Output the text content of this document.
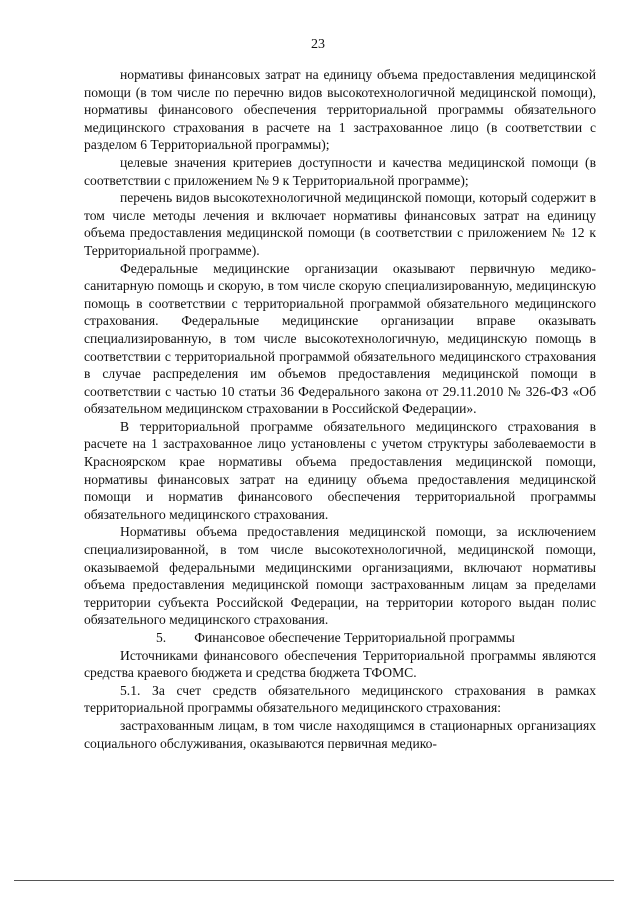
23

нормативы финансовых затрат на единицу объема предоставления медицинской помощи (в том числе по перечню видов высокотехнологичной медицинской помощи), нормативы финансового обеспечения территориальной программы обязательного медицинского страхования в расчете на 1 застрахованное лицо (в соответствии с разделом 6 Территориальной программы);

целевые значения критериев доступности и качества медицинской помощи (в соответствии с приложением № 9 к Территориальной программе);

перечень видов высокотехнологичной медицинской помощи, который содержит в том числе методы лечения и включает нормативы финансовых затрат на единицу объема предоставления медицинской помощи (в соответствии с приложением № 12 к Территориальной программе).

Федеральные медицинские организации оказывают первичную медико-санитарную помощь и скорую, в том числе скорую специализированную, медицинскую помощь в соответствии с территориальной программой обязательного медицинского страхования. Федеральные медицинские организации вправе оказывать специализированную, в том числе высокотехнологичную, медицинскую помощь в соответствии с территориальной программой обязательного медицинского страхования в случае распределения им объемов предоставления медицинской помощи в соответствии с частью 10 статьи 36 Федерального закона от 29.11.2010 № 326-ФЗ «Об обязательном медицинском страховании в Российской Федерации».

В территориальной программе обязательного медицинского страхования в расчете на 1 застрахованное лицо установлены с учетом структуры заболеваемости в Красноярском крае нормативы объема предоставления медицинской помощи, нормативы финансовых затрат на единицу объема предоставления медицинской помощи и норматив финансового обеспечения территориальной программы обязательного медицинского страхования.

Нормативы объема предоставления медицинской помощи, за исключением специализированной, в том числе высокотехнологичной, медицинской помощи, оказываемой федеральными медицинскими организациями, включают нормативы объема предоставления медицинской помощи застрахованным лицам за пределами территории субъекта Российской Федерации, на территории которого выдан полис обязательного медицинского страхования.

5. Финансовое обеспечение Территориальной программы

Источниками финансового обеспечения Территориальной программы являются средства краевого бюджета и средства бюджета ТФОМС.

5.1. За счет средств обязательного медицинского страхования в рамках территориальной программы обязательного медицинского страхования:

застрахованным лицам, в том числе находящимся в стационарных организациях социального обслуживания, оказываются первичная медико-
